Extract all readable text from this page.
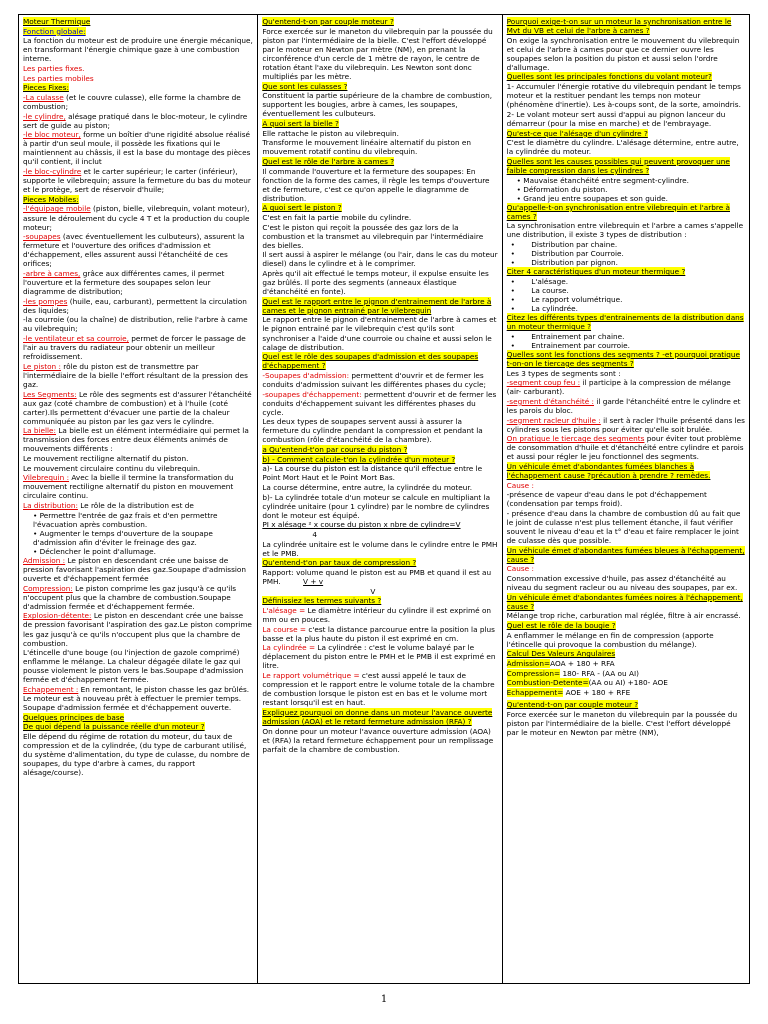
Moteur Thermique

Fonction globale:

La fonction du moteur est de produire une énergie mécanique, en transformant l'énergie chimique gaze à une combustion interne.

Les parties fixes.

Les parties mobiles

Pieces Fixes:

-La culasse (et le couvre culasse), elle forme la chambre de combustion;

-le cylindre, alésage pratiqué dans le bloc-moteur, le cylindre sert de guide au piston;

-le bloc moteur, forme un boîtier d'une rigidité absolue réalisé à partir d'un seul moule, il possède les fixations qui le maintiennent au châssis, il est la base du montage des pièces qu'il contient, il inclut

-le bloc-cylindre et le carter supérieur; le carter (inférieur), supporte le vilebrequin; assure la fermeture du bas du moteur et le protège, sert de réservoir d'huile;

Pieces Mobiles:

-l'équipage mobile (piston, bielle, vilebrequin, volant moteur), assure le déroulement du cycle 4 T et la production du couple moteur;

-soupapes (avec éventuellement les culbuteurs), assurent la fermeture et l'ouverture des orifices d'admission et d'échappement, elles assurent aussi l'étanchéité de ces orifices;

-arbre à cames, grâce aux différentes cames, il permet l'ouverture et la fermeture des soupapes selon leur diagramme de distribution;

-les pompes (huile, eau, carburant), permettent la circulation des liquides;

-la courroie (ou la chaîne) de distribution, relie l'arbre à came au vilebrequin;

-le ventilateur et sa courroie, permet de forcer le passage de l'air au travers du radiateur pour obtenir un meilleur refroidissement.

Le piston : rôle du piston est de transmettre par l'intermédiaire de la bielle l'effort résultant de la pression des gaz.

Les Segments: Le rôle des segments est d'assurer l'étanchéité aux gaz (coté chambre de combustion) et à l'huile (coté carter).Ils permettent d'évacuer une partie de la chaleur communiquée au piston par les gaz vers le cylindre.

La bielle: La bielle est un élément intermédiaire qui permet la transmission des forces entre deux éléments animés de mouvements différents :

Le mouvement rectiligne alternatif du piston.

Le mouvement circulaire continu du vilebrequin.

Vilebrequin : Avec la bielle il termine la transformation du mouvement rectiligne alternatif du piston en mouvement circulaire continu.

La distribution: Le rôle de la distribution est de

• Permettre l'entrée de gaz frais et d'en permettre l'évacuation après combustion.
• Augmenter le temps d'ouverture de la soupape d'admission afin d'éviter le freinage des gaz.
• Déclencher le point d'allumage.

Admission : Le piston en descendant crée une baisse de pression favorisant l'aspiration des gaz.Soupape d'admission ouverte et d'échappement fermée

Compression: Le piston comprime les gaz jusqu'à ce qu'ils n'occupent plus que la chambre de combustion.Soupape d'admission fermée et d'échappement fermée.

Explosion-détente: Le piston en descendant crée une baisse de pression favorisant l'aspiration des gaz.Le piston comprime les gaz jusqu'à ce qu'ils n'occupent plus que la chambre de combustion.

L'étincelle d'une bouge (ou l'injection de gazole comprimé) enflamme le mélange. La chaleur dégagée dilate le gaz qui pousse violement le piston vers le bas.Soupape d'admission fermée et d'échappement fermée.

Echappement : En remontant, le piston chasse les gaz brûlés. Le moteur est à nouveau prêt à effectuer le premier temps. Soupape d'admission fermée et d'échappement ouverte.

Quelques principes de base

De quoi dépend la puissance réelle d'un moteur ?

Elle dépend du régime de rotation du moteur, du taux de compression et de la cylindrée, (du type de carburant utilisé, du système d'alimentation, du type de culasse, du nombre de soupapes, du type d'arbre à cames, du rapport alésage/course).

Qu'entend-t-on par couple moteur ?

Force exercée sur le maneton du vilebrequin par la poussée du piston par l'intermédiaire de la bielle. C'est l'effort développé par le moteur en Newton par mètre (NM), en prenant la circonférence d'un cercle de 1 mètre de rayon, le centre de rotation étant l'axe du vilebrequin. Les Newton sont donc multipliés par les mètre.

Que sont les culasses ?

Constituent la partie supérieure de la chambre de combustion, supportent les bougies, arbre à cames, les soupapes, éventuellement les culbuteurs.

A quoi sert la bielle ?

Elle rattache le piston au vilebrequin.

Transforme le mouvement linéaire alternatif du piston en mouvement rotatif continu du vilebrequin.

Quel est le rôle de l'arbre à cames ?

Il commande l'ouverture et la fermeture des soupapes: En fonction de la forme des cames, il règle les temps d'ouverture et de fermeture, c'est ce qu'on appelle le diagramme de distribution.

A quoi sert le piston ?

C'est en fait la partie mobile du cylindre.

C'est le piston qui reçoit la poussée des gaz lors de la combustion et la transmet au vilebrequin par l'intermédiaire des bielles.

Il sert aussi à aspirer le mélange (ou l'air, dans le cas du moteur diesel) dans le cylindre et à le comprimer.

Après qu'il ait effectué le temps moteur, il expulse ensuite les gaz brûlés. Il porte des segments (anneaux élastique d'étanchéité en fonte).

Quel est le rapport entre le pignon d'entrainement de l'arbre à cames et le pignon entrainé par le vilebrequin

Le rapport entre le pignon d'entrainement de l'arbre à cames et le pignon entrainé par le vilebrequin c'est qu'ils sont synchroniser a l'aide d'une courroie ou chaine et aussi selon le calage de distribution.

Quel est le rôle des soupapes d'admission et des soupapes d'échappement ?

-Soupapes d'admission: permettent d'ouvrir et de fermer les conduits d'admission suivant les différentes phases du cycle;

-soupapes d'échappement: permettent d'ouvrir et de fermer les conduits d'échappement suivant les différentes phases du cycle.

Les deux types de soupapes servent aussi à assurer la fermeture du cylindre pendant la compression et pendant la combustion (rôle d'étanchéité de la chambre).

a Qu'entend-t'on par course du piston ?

b) - Comment calcule-t'on la cylindrée d'un moteur ?

a)- La course du piston est la distance qu'il effectue entre le Point Mort Haut et le Point Mort Bas.

La course détermine, entre autre, la cylindrée du moteur.

b)- La cylindrée totale d'un moteur se calcule en multipliant la cylindrée unitaire (pour 1 cylindre) par le nombre de cylindres dont le moteur est équipé.

PI x alésage ² x course du piston x nbre de cylindre=V

4

La cylindrée unitaire est le volume dans le cylindre entre le PMH et le PMB.

Qu'entend-t'on par taux de compression ?

Rapport: volume quand le piston est au PMB et quand il est au PMH.	V + v

V

Définissiez les termes suivants ?

L'alésage = Le diamètre intérieur du cylindre il est exprimé on mm ou en pouces.

La course = c'est la distance parcourue entre la position la plus basse et la plus haute du piston il est exprimé en cm.

La cylindrée = La cylindrée : c'est le volume balayé par le déplacement du piston entre le PMH et le PMB il est exprimé en litre.

Le rapport volumétrique = c'est aussi appelé le taux de compression et le rapport entre le volume totale de la chambre de combustion lorsque le piston est en bas et le volume mort restant lorsqu'il est en haut.

Expliquez pourquoi on donne dans un moteur l'avance ouverte admission (AOA) et le retard fermeture admission (RFA) ?

On donne pour un moteur l'avance ouverture admission (AOA) et (RFA) la retard fermeture échappement pour un remplissage parfait de la chambre de combustion.

Pourquoi exige-t-on sur un moteur la synchronisation entre le Mvt du VB et celui de l'arbre à cames ?

On exige la synchronisation entre le mouvement du vilebrequin et celui de l'arbre à cames pour que ce dernier ouvre les soupapes selon la position du piston et aussi selon l'ordre d'allumage.

Quelles sont les principales fonctions du volant moteur?

1- Accumuler l'énergie rotative du vilebrequin pendant le temps moteur et la restituer pendant les temps non moteur (phénomène d'inertie). Les à-coups sont, de la sorte, amoindris.

2- Le volant moteur sert aussi d'appui au pignon lanceur du démarreur (pour la mise en marche) et de l'embrayage.

Qu'est-ce que l'alésage d'un cylindre ?

C'est le diamètre du cylindre. L'alésage détermine, entre autre, la cylindrée du moteur.

Quelles sont les causes possibles qui peuvent provoquer une faible compression dans les cylindres ?

• Mauvaise étanchéité entre segment-cylindre.
• Déformation du piston.
• Grand jeu entre soupapes et son guide.

Qu'appelle-t-on synchronisation entre vilebrequin et l'arbre à cames ?

La synchronisation entre vilebrequin et l'arbre a cames s'appelle une distribution, il existe 3 types de distribution :

• Distribution par chaine.
• Distribution par Courroie.
• Distribution par pignon.

Citer 4 caractéristiques d'un moteur thermique ?

• L'alésage.
• La course.
• Le rapport volumétrique.
• La cylindrée.

Citez les différents types d'entrainements de la distribution dans un moteur thermique ?

• Entrainement par chaine.
• Entrainement par courroie.

Quelles sont les fonctions des segments ? -et pourquoi pratique t-on-on le tiercage des segments ?

Les 3 types de segments sont :

-segment coup feu : il participe à la compression de mélange (air- carburant).

-segment d'étanchéité : il garde l'étanchéité entre le cylindre et les parois du bloc.

-segment racleur d'huile : il sert à racler l'huile présenté dans les cylindres sous les pistons pour éviter qu'elle soit brulée.

On pratique le tiercage des segments pour éviter tout problème de consommation d'huile et d'étanchéité entre cylindre et parois et aussi pour régler le jeu fonctionnel des segments.

Un véhicule émet d'abondantes fumées blanches à l'échappement cause ?précaution à prendre ? remèdes.

Cause :

-présence de vapeur d'eau dans le pot d'échappement (condensation par temps froid).

- présence d'eau dans la chambre de combustion dû au fait que le joint de culasse n'est plus tellement étanche, il faut vérifier souvent le niveau d'eau et la t° d'eau et faire remplacer le joint de culasse dès que possible.

Un véhicule émet d'abondantes fumées bleues à l'échappement, cause ?

Cause :

Consommation excessive d'huile, pas assez d'étanchéité au niveau du segment racleur ou au niveau des soupapes, par ex.

Un véhicule émet d'abondantes fumées noires à l'échappement, cause ?

Mélange trop riche, carburation mal réglée, filtre à air encrassé.

Quel est le rôle de la bougie ?

A enflammer le mélange en fin de compression (apporte l'étincelle qui provoque la combustion du mélange).

Calcul Des Valeurs Angulaires

Admission=AOA + 180 + RFA

Compression= 180- RFA - (AA ou AI)

Combustion-Detente=(AA ou AI) +180- AOE

Echappement= AOE + 180 + RFE

Qu'entend-t-on par couple moteur ?

Force exercée sur le maneton du vilebrequin par la poussée du piston par l'intermédiaire de la bielle. C'est l'effort développé par le moteur en Newton par mètre (NM),

1
